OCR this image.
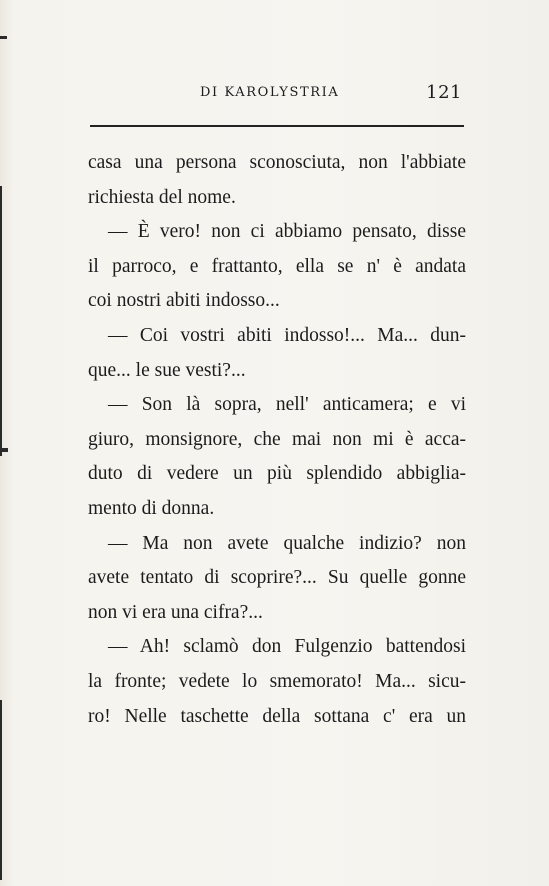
DI KAROLYSTRIA	121
casa una persona sconosciuta, non l'abbiate
richiesta del nome.
— È vero! non ci abbiamo pensato, disse
il parroco, e frattanto, ella se n' è andata
coi nostri abiti indosso...
— Coi vostri abiti indosso!... Ma... dun-
que... le sue vesti?...
— Son là sopra, nell' anticamera; e vi
giuro, monsignore, che mai non mi è acca-
duto di vedere un più splendido abbiglia-
mento di donna.
— Ma non avete qualche indizio? non
avete tentato di scoprire?... Su quelle gonne
non vi era una cifra?...
— Ah! sclamò don Fulgenzio battendosi
la fronte; vedete lo smemorato! Ma... sicu-
ro! Nelle taschette della sottana c' era un
